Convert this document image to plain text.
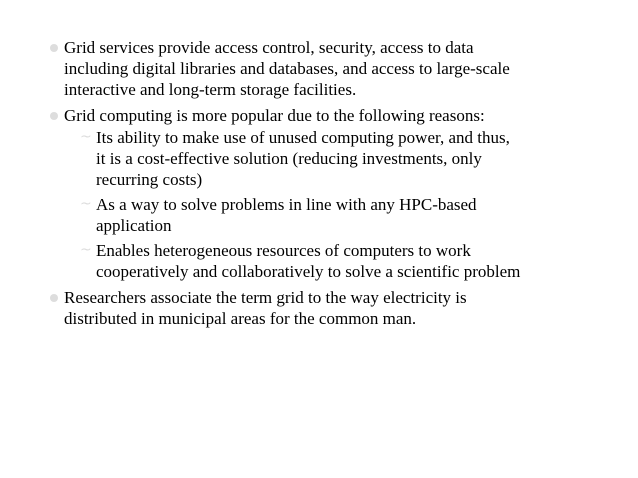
Grid services provide access control, security, access to data
including digital libraries and databases, and access to large-scale
interactive and long-term storage facilities.
Grid computing is more popular due to the following reasons:
~ Its ability to make use of unused computing power, and thus,
it is a cost-effective solution (reducing investments, only
recurring costs)
~ As a way to solve problems in line with any HPC-based
application
~ Enables heterogeneous resources of computers to work
cooperatively and collaboratively to solve a scientific problem
Researchers associate the term grid to the way electricity is
distributed in municipal areas for the common man.
